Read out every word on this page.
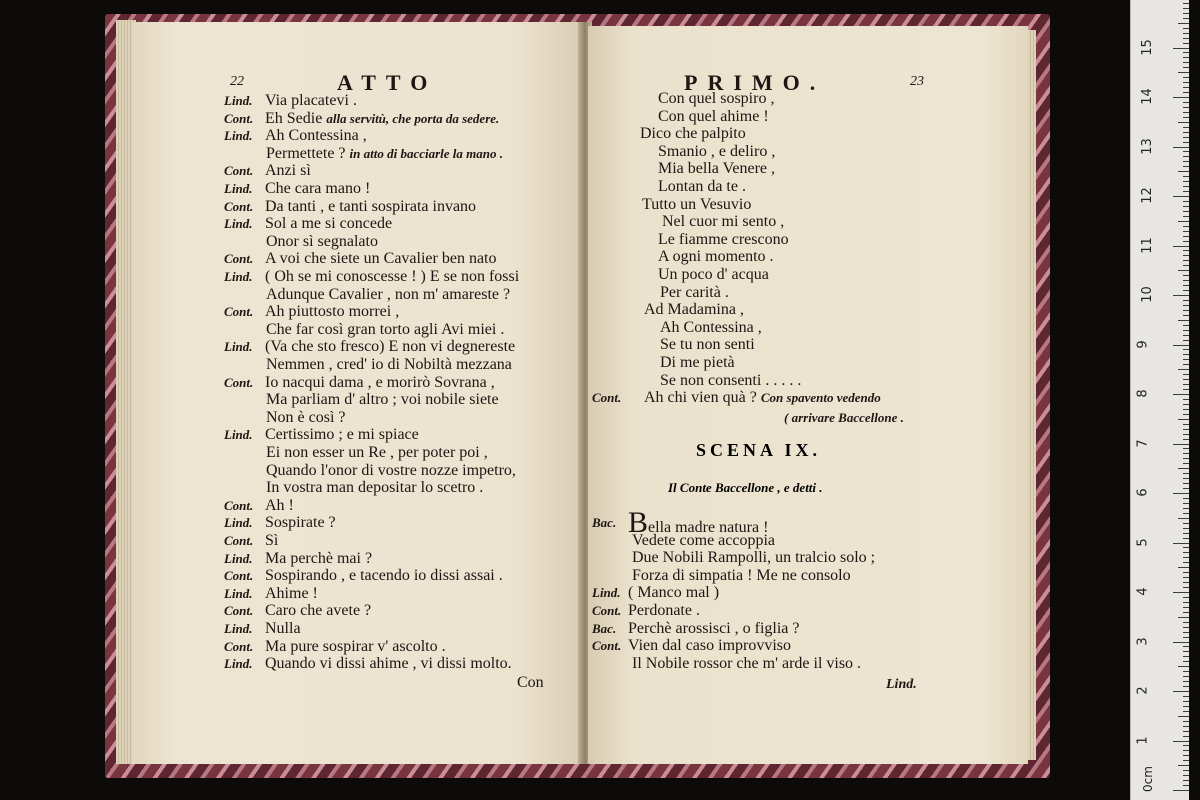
22	ATTO
Lind. Via placatevi .
Cont. Eh Sedie alla servitù, che porta da sedere.
Lind. Ah Contessina ,
Permettete ? in atto di bacciarle la mano .
Cont. Anzi sì
Lind. Che cara mano !
Cont. Da tanti , e tanti sospirata invano
Lind. Sol a me si concede
Onor sì segnalato
Cont. A voi che siete un Cavalier ben nato
Lind. ( Oh se mi conoscesse ! ) E se non fossi
Adunque Cavalier , non m' amareste ?
Cont. Ah piuttosto morrei ,
Che far così gran torto agli Avi miei .
Lind. (Va che sto fresco) E non vi degnereste
Nemmen , cred' io di Nobiltà mezzana
Cont. Io nacqui dama , e morirò Sovrana ,
Ma parliam d' altro ; voi nobile siete
Non è così ?
Lind. Certissimo ; e mi spiace
Ei non esser un Re , per poter poi ,
Quando l'onor di vostre nozze impetro,
In vostra man depositar lo scetro .
Cont. Ah !
Lind. Sospirate ?
Cont. Sì
Lind. Ma perchè mai ?
Cont. Sospirando , e tacendo io dissi assai .
Lind. Ahime !
Cont. Caro che avete ?
Lind. Nulla
Cont. Ma pure sospirar v' ascolto .
Lind. Quando vi dissi ahime , vi dissi molto.
Con
PRIMO.	23
Con quel sospiro ,
Con quel ahime !
Dico che palpito
Smanio , e deliro ,
Mia bella Venere ,
Lontan da te .
Tutto un Vesuvio
Nel cuor mi sento ,
Le fiamme crescono
A ogni momento .
Un poco d' acqua
Per carità .
Ad Madamina ,
Ah Contessina ,
Se tu non senti
Di me pietà
Se non consenti . . . . .
Cont. Ah chi vien quà ? Con spavento vedendo
( arrivare Baccellone .
Bac. Bella madre natura !
Vedete come accoppia
Due Nobili Rampolli, un tralcio solo ;
Forza di simpatia ! Me ne consolo
Lind. ( Manco mal )
Cont. Perdonate .
Bac. Perchè arossisci , o figlia ?
Cont. Vien dal caso improvviso
Il Nobile rossor che m' arde il viso .
Lind.
SCENA IX.
Il Conte Baccellone , e detti .
0cm
15
14
13
12
11
10
9
8
7
6
5
4
3
2
1
